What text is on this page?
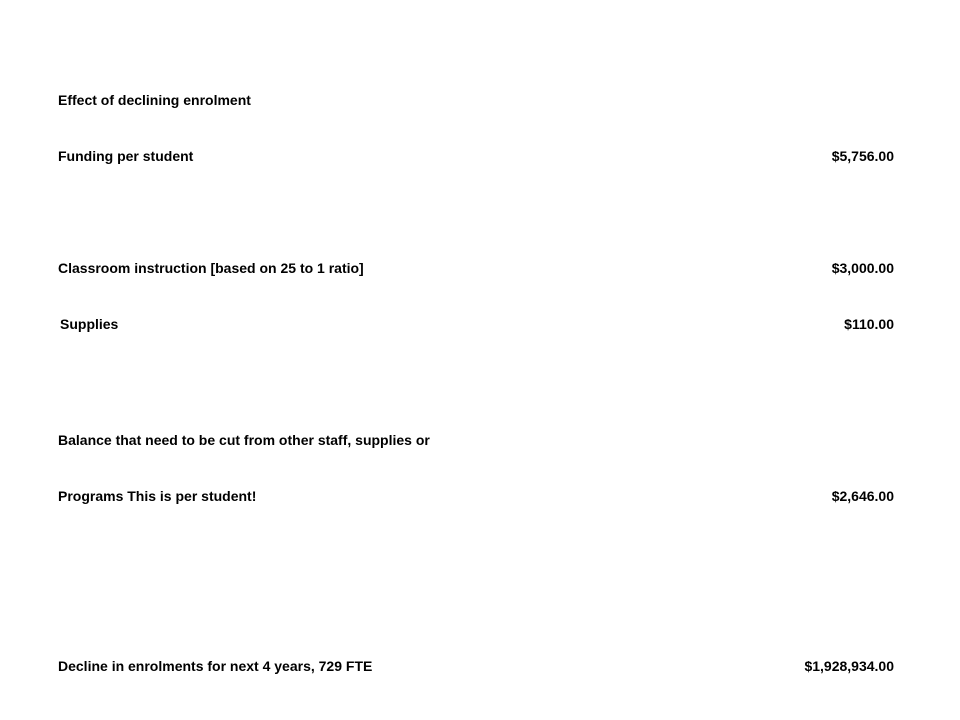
Effect of declining enrolment
Funding per student	$5,756.00
Classroom instruction [based on 25 to 1 ratio]	$3,000.00
Supplies	$110.00
Balance that need to be cut from other staff, supplies or
Programs This is per student!	$2,646.00
Decline in enrolments for next 4 years, 729 FTE	$1,928,934.00
